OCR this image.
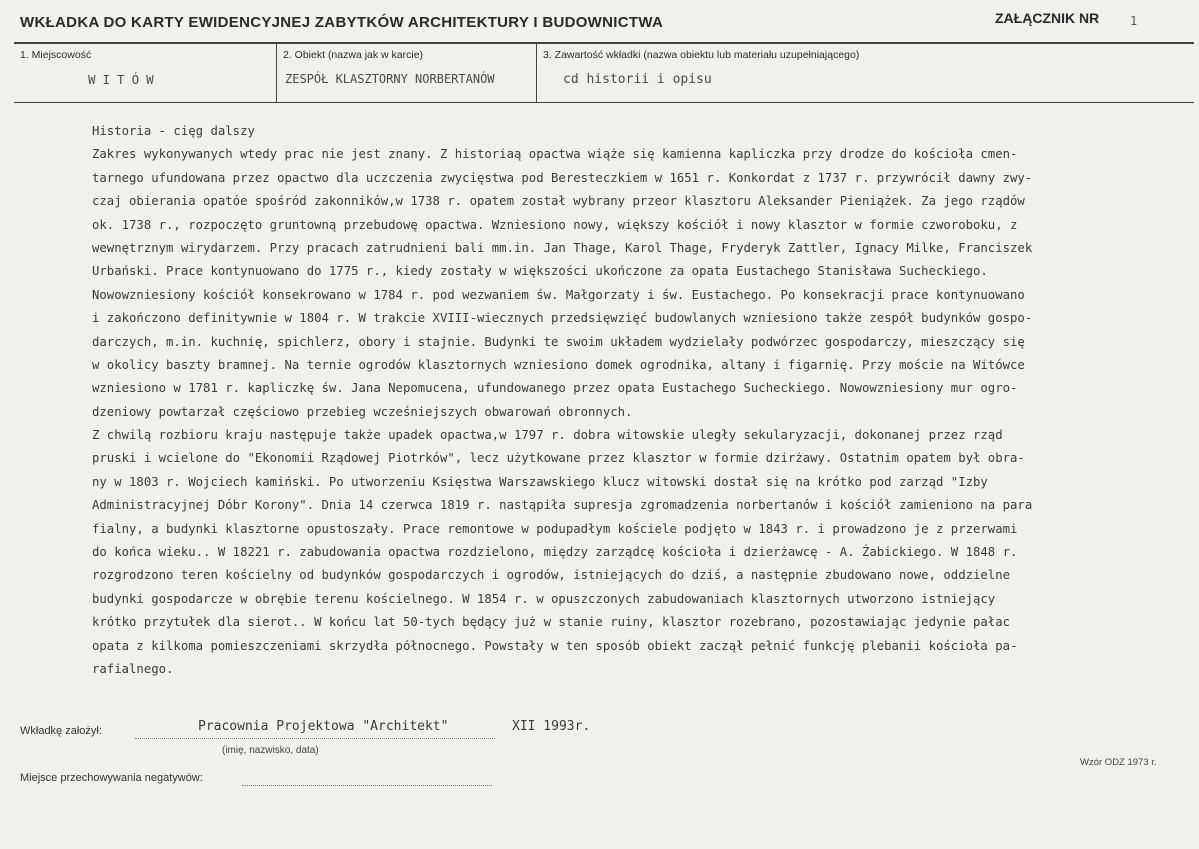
WKŁADKA DO KARTY EWIDENCYJNEJ ZABYTKÓW ARCHITEKTURY I BUDOWNICTWA	ZAŁĄCZNIK NR	1
1. Miejscowość
WITÓW
2. Obiekt (nazwa jak w karcie)
ZESPÓŁ KLASZTORNY NORBERTANÓW
3. Zawartość wkładki (nazwa obiektu lub materiału uzupełniającego)
cd historii i opisu
Historia - cięg dalszy
Zakres wykonywanych wtedy prac nie jest znany. Z historiaą opactwa wiąże się kamienna kapliczka przy drodze do kościoła cmen-
tarnego ufundowana przez opactwo dla uczczenia zwycięstwa pod Beresteczkiem w 1651 r. Konkordat z 1737 r. przywrócił dawny zwy-
czaj obierania opatóe spośród zakonników,w 1738 r. opatem został wybrany przeor klasztoru Aleksander Pieniążek. Za jego rządów
ok. 1738 r., rozpoczęto gruntowną przebudowę opactwa. Wzniesiono nowy, większy kościół i nowy klasztor w formie czworoboku, z
wewnętrznym wirydarzem. Przy pracach zatrudnieni bali mm.in. Jan Thage, Karol Thage, Fryderyk Zattler, Ignacy Milke, Franciszek
Urbański. Prace kontynuowano do 1775 r., kiedy zostały w większości ukończone za opata Eustachego Stanisława Sucheckiego.
Nowowzniesiony kościół konsekrowano w 1784 r. pod wezwaniem św. Małgorzaty i św. Eustachego. Po konsekracji prace kontynuowano
i zakończono definitywnie w 1804 r. W trakcie XVIII-wiecznych przedsięwzięć budowlanych wzniesiono także zespół budynków gospo-
darczych, m.in. kuchnię, spichlerz, obory i stajnie. Budynki te swoim układem wydzielały podwórzec gospodarczy, mieszczący się
w okolicy baszty bramnej. Na ternie ogrodów klasztornych wzniesiono domek ogrodnika, altany i figarnię. Przy moście na Witówce
wzniesiono w 1781 r. kapliczkę św. Jana Nepomucena, ufundowanego przez opata Eustachego Sucheckiego. Nowowzniesiony mur ogro-
dzeniowy powtarzał częściowo przebieg wcześniejszych obwarowań obronnych.
Z chwilą rozbioru kraju następuje także upadek opactwa,w 1797 r. dobra witowskie uległy sekularyzacji, dokonanej przez rząd
pruski i wcielone do "Ekonomii Rządowej Piotrków", lecz użytkowane przez klasztor w formie dzirżawy. Ostatnim opatem był obra-
ny w 1803 r. Wojciech kamiński. Po utworzeniu Księstwa Warszawskiego klucz witowski dostał się na krótko pod zarząd "Izby
Administracyjnej Dóbr Korony". Dnia 14 czerwca 1819 r. nastąpiła supresja zgromadzenia norbertanów i kościół zamieniono na para
fialny, a budynki klasztorne opustoszały. Prace remontowe w podupadłym kościele podjęto w 1843 r. i prowadzono je z przerwami
do końca wieku.. W 18221 r. zabudowania opactwa rozdzielono, między zarządcę kościoła i dzierżawcę - A. Żabickiego. W 1848 r.
rozgrodzono teren kościelny od budynków gospodarczych i ogrodów, istniejących do dziś, a następnie zbudowano nowe, oddzielne
budynki gospodarcze w obrębie terenu kościelnego. W 1854 r. w opuszczonych zabudowaniach klasztornych utworzono istniejący
krótko przytułek dla sierot.. W końcu lat 50-tych będący już w stanie ruiny, klasztor rozebrano, pozostawiając jedynie pałac
opata z kilkoma pomieszczeniami skrzydła północnego. Powstały w ten sposób obiekt zaczął pełnić funkcję plebanii kościoła pa-
rafialnego.
Wkładkę założył:	Pracownia Projektowa "Architekt"	XII 1993r.
(imię, nazwisko, data)
Wzór ODZ 1973 r.
Miejsce przechowywania negatywów:
